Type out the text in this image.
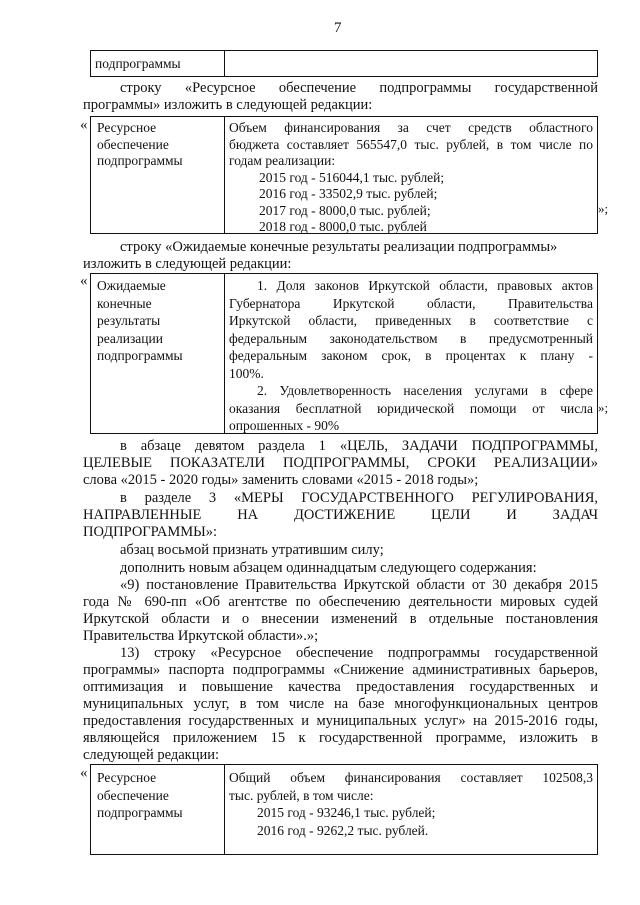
7
подпрограммы
строку «Ресурсное обеспечение подпрограммы государственной
программы» изложить в следующей редакции:
« Ресурсное
обеспечение
подпрограммы
Объем финансирования за счет средств областного
бюджета составляет 565547,0 тыс. рублей, в том числе по
годам реализации:
2015 год - 516044,1 тыс. рублей;
2016 год - 33502,9 тыс. рублей;
2017 год - 8000,0 тыс. рублей;
2018 год - 8000,0 тыс. рублей
»;
строку «Ожидаемые конечные результаты реализации подпрограммы»
изложить в следующей редакции:
« Ожидаемые
конечные
результаты
реализации
подпрограммы
1. Доля законов Иркутской области, правовых актов
Губернатора Иркутской области, Правительства
Иркутской области, приведенных в соответствие с
федеральным законодательством в предусмотренный
федеральным законом срок, в процентах к плану -
100%.
2. Удовлетворенность населения услугами в сфере
оказания бесплатной юридической помощи от числа
опрошенных - 90%
»;
в абзаце девятом раздела 1 «ЦЕЛЬ, ЗАДАЧИ ПОДПРОГРАММЫ,
ЦЕЛЕВЫЕ ПОКАЗАТЕЛИ ПОДПРОГРАММЫ, СРОКИ РЕАЛИЗАЦИИ»
слова «2015 - 2020 годы» заменить словами «2015 - 2018 годы»;
в разделе 3 «МЕРЫ ГОСУДАРСТВЕННОГО РЕГУЛИРОВАНИЯ,
НАПРАВЛЕННЫЕ НА ДОСТИЖЕНИЕ ЦЕЛИ И ЗАДАЧ
ПОДПРОГРАММЫ»:
абзац восьмой признать утратившим силу;
дополнить новым абзацем одиннадцатым следующего содержания:
«9) постановление Правительства Иркутской области от 30 декабря 2015
года № 690-пп «Об агентстве по обеспечению деятельности мировых судей
Иркутской области и о внесении изменений в отдельные постановления
Правительства Иркутской области».»;
13) строку «Ресурсное обеспечение подпрограммы государственной
программы» паспорта подпрограммы «Снижение административных барьеров,
оптимизация и повышение качества предоставления государственных и
муниципальных услуг, в том числе на базе многофункциональных центров
предоставления государственных и муниципальных услуг» на 2015-2016 годы,
являющейся приложением 15 к государственной программе, изложить в
следующей редакции:
« Ресурсное
обеспечение
подпрограммы
Общий объем финансирования составляет 102508,3
тыс. рублей, в том числе:
2015 год - 93246,1 тыс. рублей;
2016 год - 9262,2 тыс. рублей.
